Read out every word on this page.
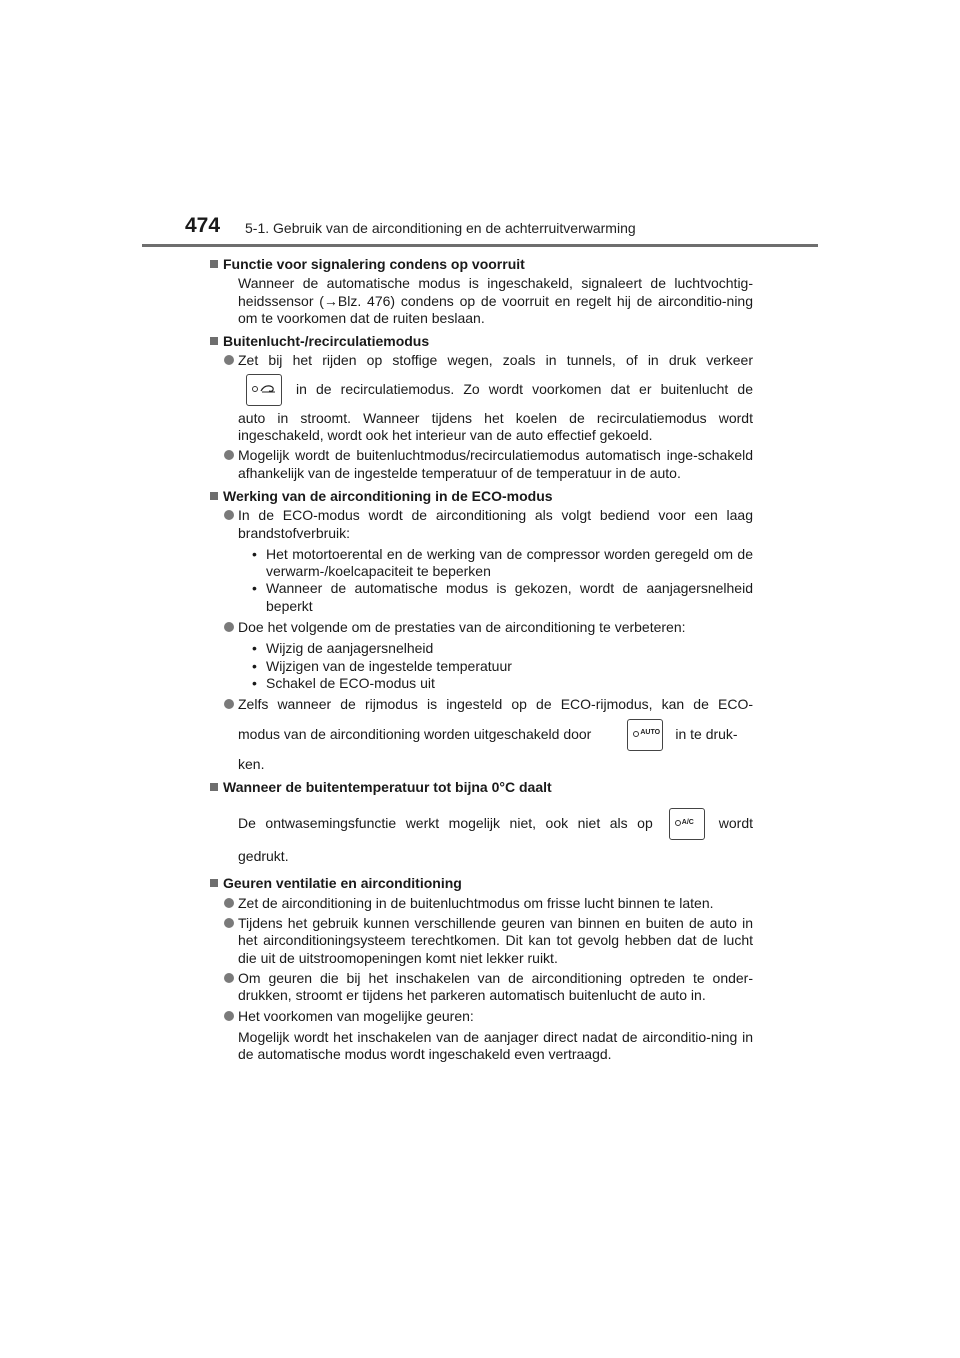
474 5-1. Gebruik van de airconditioning en de achterruitverwarming
Functie voor signalering condens op voorruit
Wanneer de automatische modus is ingeschakeld, signaleert de luchtvochtig-heidssensor (→Blz. 476) condens op de voorruit en regelt hij de airconditio-ning om te voorkomen dat de ruiten beslaan.
Buitenlucht-/recirculatiemodus
Zet bij het rijden op stoffige wegen, zoals in tunnels, of in druk verkeer
in de recirculatiemodus. Zo wordt voorkomen dat er buitenlucht de
auto in stroomt. Wanneer tijdens het koelen de recirculatiemodus wordt ingeschakeld, wordt ook het interieur van de auto effectief gekoeld.
Mogelijk wordt de buitenluchtmodus/recirculatiemodus automatisch inge-schakeld afhankelijk van de ingestelde temperatuur of de temperatuur in de auto.
Werking van de airconditioning in de ECO-modus
In de ECO-modus wordt de airconditioning als volgt bediend voor een laag brandstofverbruik:
• Het motortoerental en de werking van de compressor worden geregeld om de verwarm-/koelcapaciteit te beperken
• Wanneer de automatische modus is gekozen, wordt de aanjagersnelheid beperkt
Doe het volgende om de prestaties van de airconditioning te verbeteren:
• Wijzig de aanjagersnelheid
• Wijzigen van de ingestelde temperatuur
• Schakel de ECO-modus uit
Zelfs wanneer de rijmodus is ingesteld op de ECO-rijmodus, kan de ECO-
modus van de airconditioning worden uitgeschakeld door	AUTO in te druk-
ken.
Wanneer de buitentemperatuur tot bijna 0°C daalt
De ontwasemingsfunctie werkt mogelijk niet, ook niet als op	A/C wordt
gedrukt.
Geuren ventilatie en airconditioning
Zet de airconditioning in de buitenluchtmodus om frisse lucht binnen te laten.
Tijdens het gebruik kunnen verschillende geuren van binnen en buiten de auto in het airconditioningsysteem terechtkomen. Dit kan tot gevolg hebben dat de lucht die uit de uitstroomopeningen komt niet lekker ruikt.
Om geuren die bij het inschakelen van de airconditioning optreden te onder-drukken, stroomt er tijdens het parkeren automatisch buitenlucht de auto in.
Het voorkomen van mogelijke geuren:
Mogelijk wordt het inschakelen van de aanjager direct nadat de airconditio-ning in de automatische modus wordt ingeschakeld even vertraagd.
